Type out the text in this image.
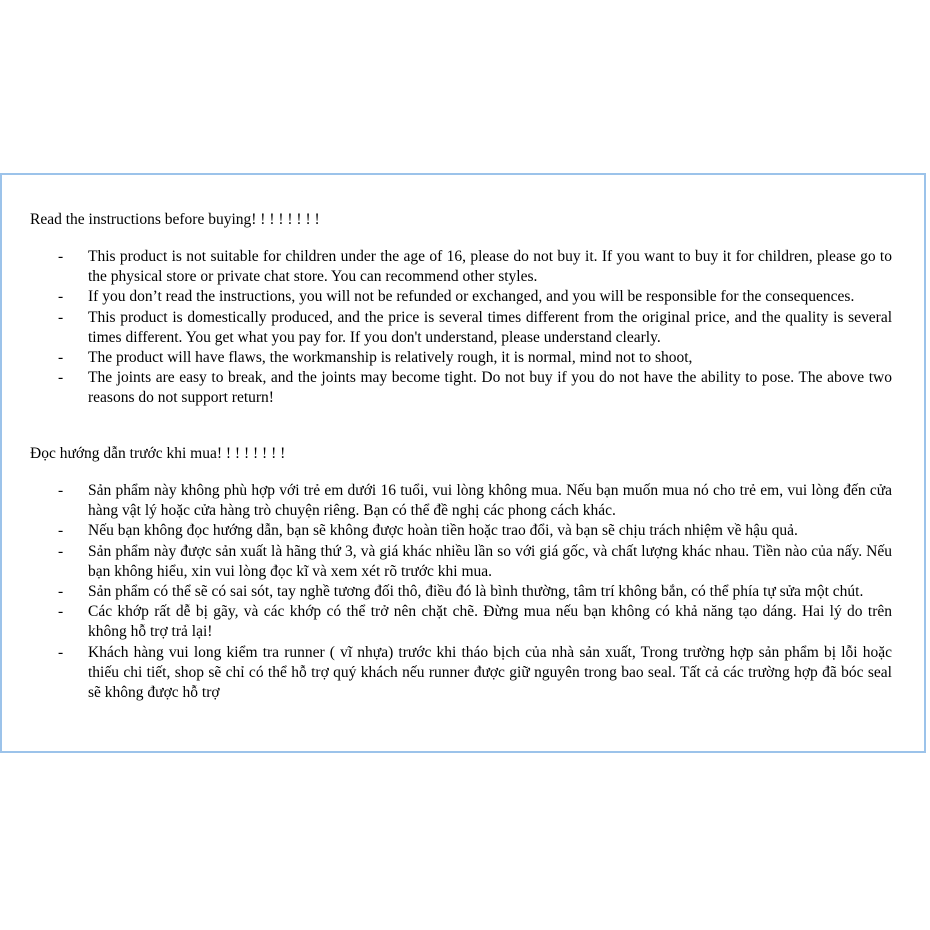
Read the instructions before buying! ! ! ! ! ! ! !

- This product is not suitable for children under the age of 16, please do not buy it. If you want to buy it for children, please go to the physical store or private chat store. You can recommend other styles.
- If you don’t read the instructions, you will not be refunded or exchanged, and you will be responsible for the consequences.
- This product is domestically produced, and the price is several times different from the original price, and the quality is several times different. You get what you pay for. If you don't understand, please understand clearly.
- The product will have flaws, the workmanship is relatively rough, it is normal, mind not to shoot,
- The joints are easy to break, and the joints may become tight. Do not buy if you do not have the ability to pose. The above two reasons do not support return!

Đọc hướng dẫn trước khi mua! ! ! ! ! ! ! !

- Sản phẩm này không phù hợp với trẻ em dưới 16 tuổi, vui lòng không mua. Nếu bạn muốn mua nó cho trẻ em, vui lòng đến cửa hàng vật lý hoặc cửa hàng trò chuyện riêng. Bạn có thể đề nghị các phong cách khác.
- Nếu bạn không đọc hướng dẫn, bạn sẽ không được hoàn tiền hoặc trao đổi, và bạn sẽ chịu trách nhiệm về hậu quả.
- Sản phẩm này được sản xuất là hãng thứ 3, và giá khác nhiều lần so với giá gốc, và chất lượng khác nhau. Tiền nào của nấy. Nếu bạn không hiểu, xin vui lòng đọc kĩ và xem xét rõ trước khi mua.
- Sản phẩm có thể sẽ có sai sót, tay nghề tương đối thô, điều đó là bình thường, tâm trí không bắn, có thể phía tự sửa một chút.
- Các khớp rất dễ bị gãy, và các khớp có thể trở nên chặt chẽ. Đừng mua nếu bạn không có khả năng tạo dáng. Hai lý do trên không hỗ trợ trả lại!
- Khách hàng vui long kiểm tra runner ( vĩ nhựa) trước khi tháo bịch của nhà sản xuất, Trong trường hợp sản phẩm bị lỗi hoặc thiếu chi tiết, shop sẽ chỉ có thể hỗ trợ quý khách nếu runner được giữ nguyên trong bao seal. Tất cả các trường hợp đã bóc seal sẽ không được hỗ trợ
